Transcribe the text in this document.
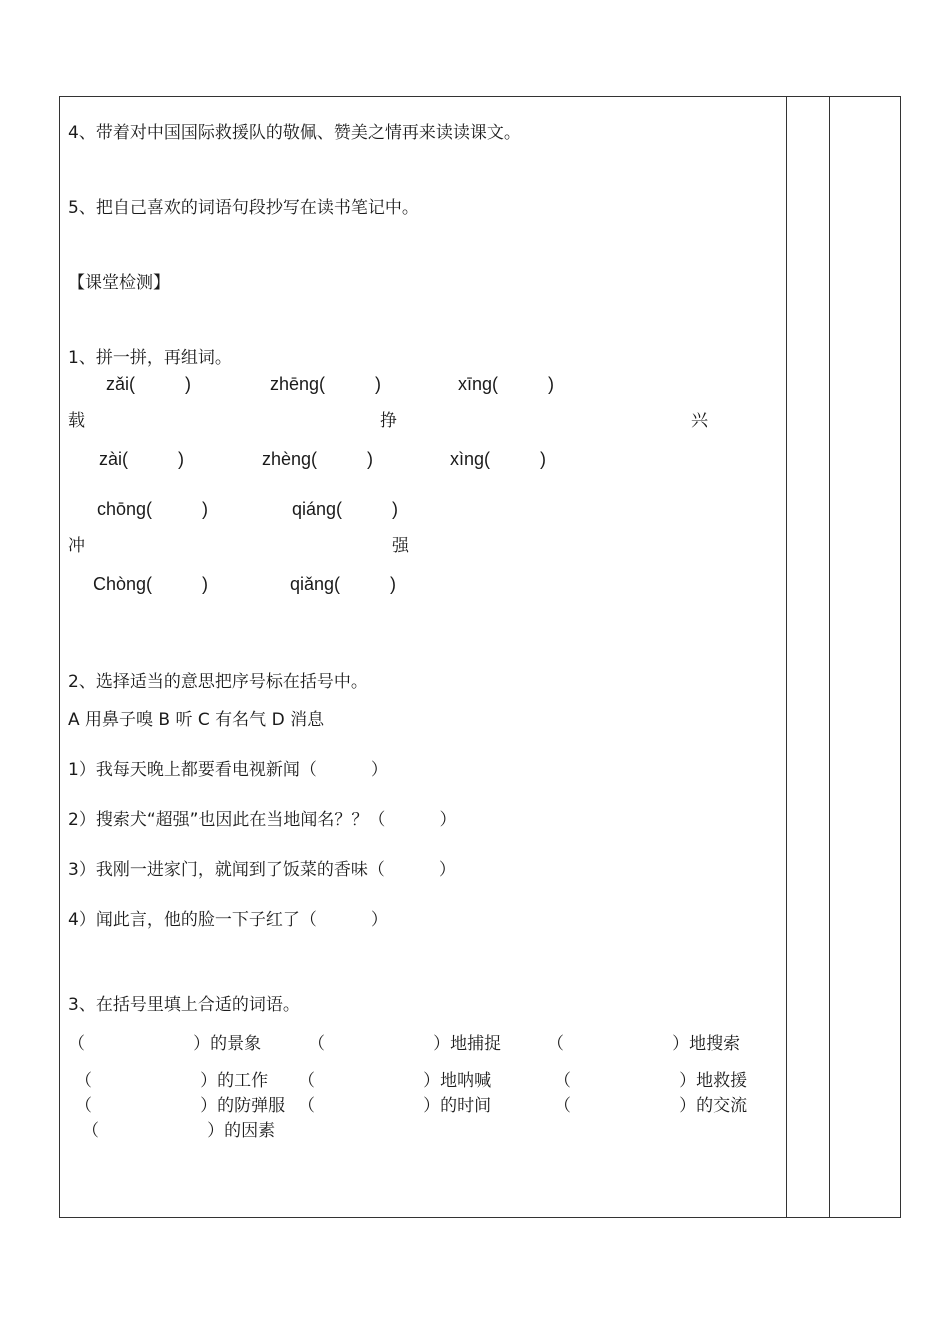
4、带着对中国国际救援队的敬佩、赞美之情再来读读课文。
5、把自己喜欢的词语句段抄写在读书笔记中。
【课堂检测】
1、拼一拼，再组词。
zǎi(          )	zhēng(          )	xīng(          )
载	挣	兴
zài(          )	zhèng(          )	xìng(          )
chōng(          )	qiáng(          )
冲	强
Chòng(          )	qiǎng(          )
2、选择适当的意思把序号标在括号中。
A 用鼻子嗅 B 听 C 有名气 D 消息
1）我每天晚上都要看电视新闻（          ）
2）搜索犬“超强”也因此在当地闻名？？（          ）
3）我刚一进家门，就闻到了饭菜的香味（          ）
4）闻此言，他的脸一下子红了（          ）
3、在括号里填上合适的词语。
（                    ）的景象	（                    ）地捕捉	（                    ）地搜索
（                    ）的工作 （                    ）地呐喊	（                    ）地救援
（                    ）的防弹服 （                    ）的时间	（                    ）的交流
（                    ）的因素
